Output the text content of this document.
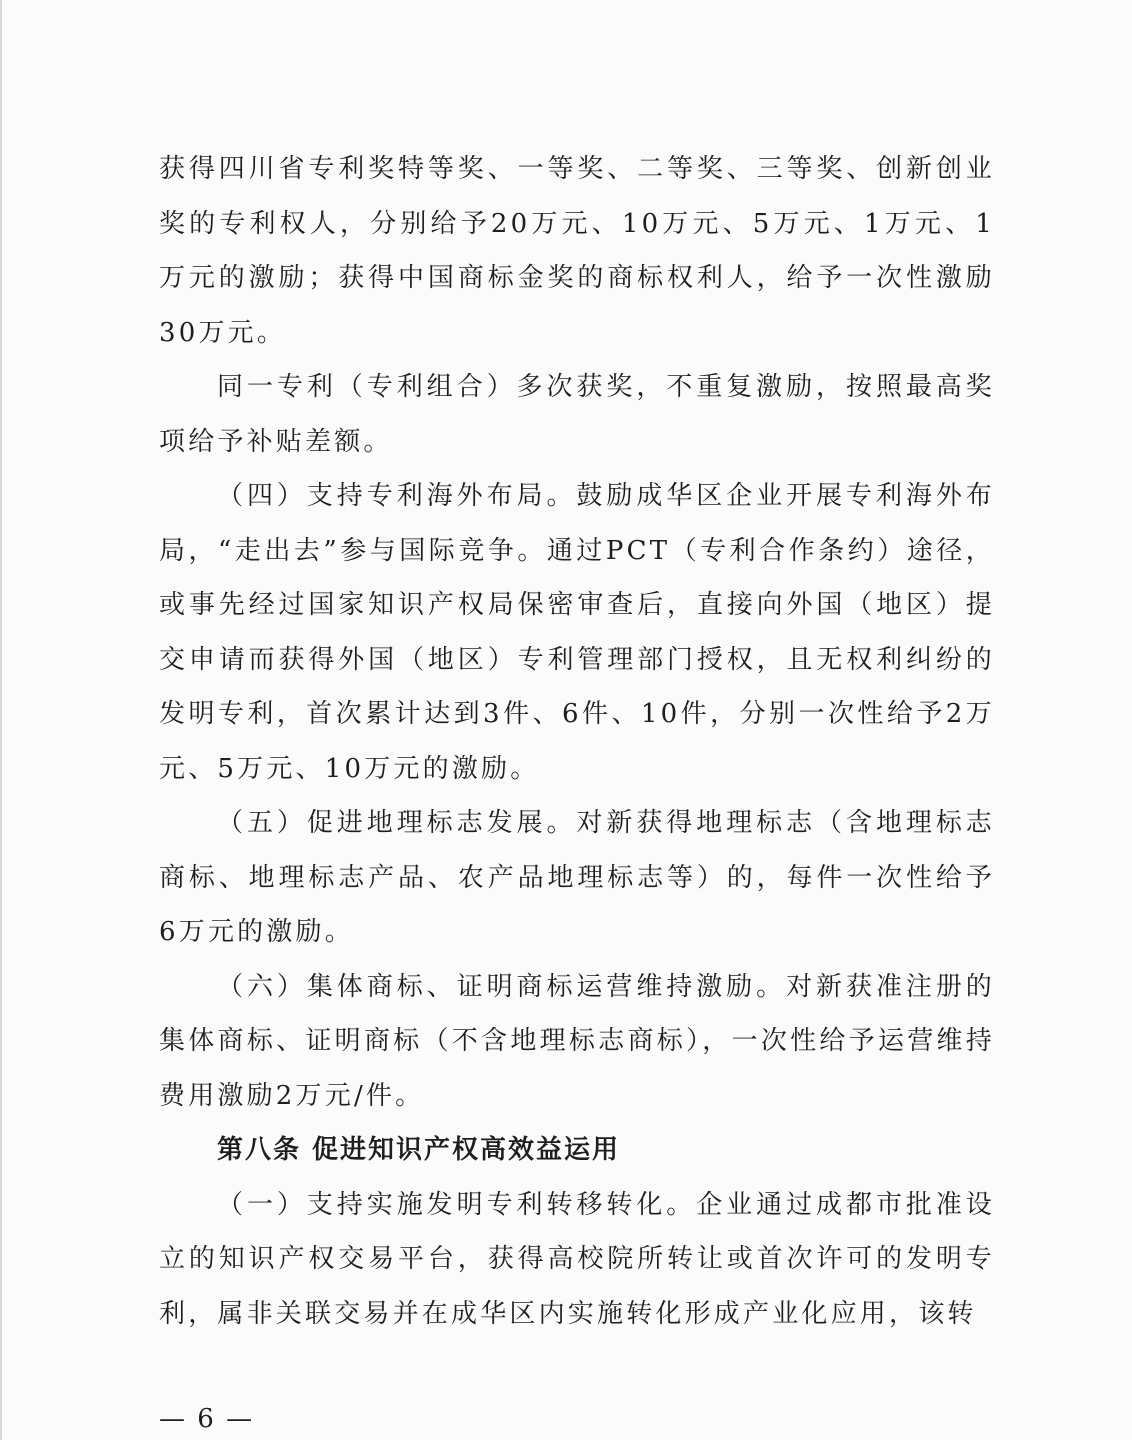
获得四川省专利奖特等奖、一等奖、二等奖、三等奖、创新创业奖的专利权人，分别给予20万元、10万元、5万元、1万元、1万元的激励；获得中国商标金奖的商标权利人，给予一次性激励30万元。

同一专利（专利组合）多次获奖，不重复激励，按照最高奖项给予补贴差额。

（四）支持专利海外布局。鼓励成华区企业开展专利海外布局，“走出去”参与国际竞争。通过PCT（专利合作条约）途径，或事先经过国家知识产权局保密审查后，直接向外国（地区）提交申请而获得外国（地区）专利管理部门授权，且无权利纠纷的发明专利，首次累计达到3件、6件、10件，分别一次性给予2万元、5万元、10万元的激励。

（五）促进地理标志发展。对新获得地理标志（含地理标志商标、地理标志产品、农产品地理标志等）的，每件一次性给予6万元的激励。

（六）集体商标、证明商标运营维持激励。对新获准注册的集体商标、证明商标（不含地理标志商标），一次性给予运营维持费用激励2万元/件。

第八条 促进知识产权高效益运用

（一）支持实施发明专利转移转化。企业通过成都市批准设立的知识产权交易平台，获得高校院所转让或首次许可的发明专利，属非关联交易并在成华区内实施转化形成产业化应用，该转

— 6 —
